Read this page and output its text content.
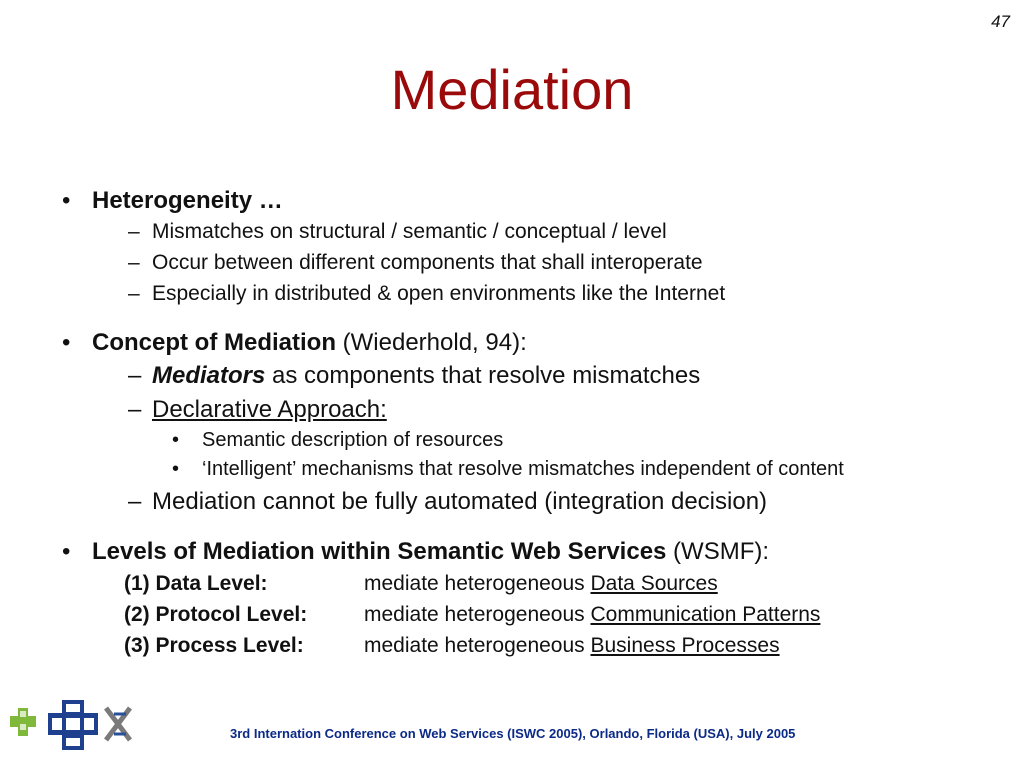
47
Mediation
• Heterogeneity …
– Mismatches on structural / semantic / conceptual / level
– Occur between different components that shall interoperate
– Especially in distributed & open environments like the Internet
• Concept of Mediation (Wiederhold, 94):
– Mediators as components that resolve mismatches
– Declarative Approach:
• Semantic description of resources
• ‘Intelligent’ mechanisms that resolve mismatches independent of content
– Mediation cannot be fully automated (integration decision)
• Levels of Mediation within Semantic Web Services (WSMF):
(1) Data Level:	mediate heterogeneous Data Sources
(2) Protocol Level:	mediate heterogeneous Communication Patterns
(3) Process Level:	mediate heterogeneous Business Processes
3rd Internation Conference on Web Services (ISWC 2005), Orlando, Florida (USA), July 2005
